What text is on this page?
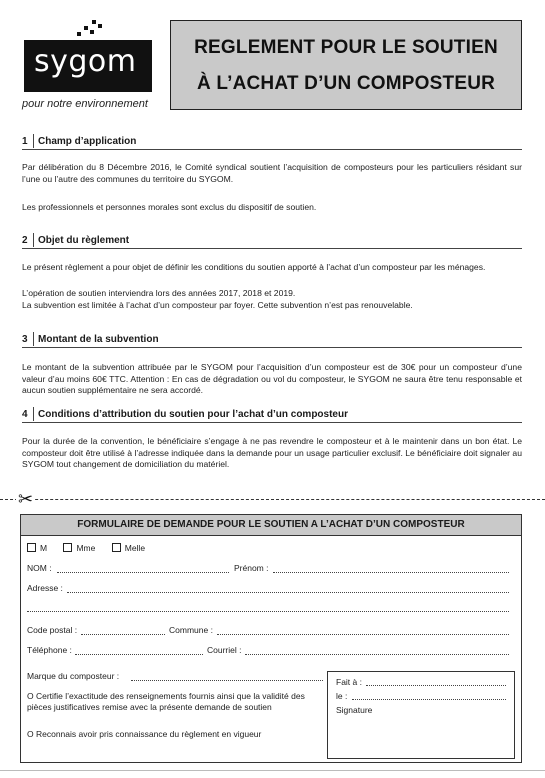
sygom
pour notre environnement
REGLEMENT POUR LE SOUTIEN
À L’ACHAT D’UN COMPOSTEUR
1	Champ d’application
Par délibération du 8 Décembre 2016, le Comité syndical soutient l’acquisition de composteurs pour les particuliers résidant sur l’une ou l’autre des communes du territoire du SYGOM.
Les professionnels et personnes morales sont exclus du dispositif de soutien.
2	Objet du règlement
Le présent règlement a pour objet de définir les conditions du soutien apporté à l’achat d’un composteur par les ménages.
L’opération de soutien interviendra lors des années 2017, 2018 et 2019.
La subvention est limitée à l’achat d’un composteur par foyer. Cette subvention n’est pas renouvelable.
3	Montant de la subvention
Le montant de la subvention attribuée par le SYGOM pour l’acquisition d’un composteur est de 30€ pour un composteur d’une valeur d’au moins 60€ TTC. Attention : En cas de dégradation ou vol du composteur, le SYGOM ne saura être tenu responsable et aucun soutien supplémentaire ne sera accordé.
4	Conditions d’attribution du soutien pour l’achat d’un composteur
Pour la durée de la convention, le bénéficiaire s’engage à ne pas revendre le composteur et à le maintenir dans un bon état. Le composteur doit être utilisé à l’adresse indiquée dans la demande pour un usage particulier exclusif. Le bénéficiaire doit signaler au SYGOM tout changement de domiciliation du matériel.
✂
FORMULAIRE DE DEMANDE POUR LE SOUTIEN A L’ACHAT D’UN COMPOSTEUR
M	Mme	Melle
NOM :	Prénom :
Adresse :
Code postal :	Commune :
Téléphone :	Courriel :
Marque du composteur :
O Certifie l’exactitude des renseignements fournis ainsi que la validité des pièces justificatives remise avec la présente demande de soutien
O Reconnais avoir pris connaissance du règlement en vigueur
Fait à :
le :
Signature
